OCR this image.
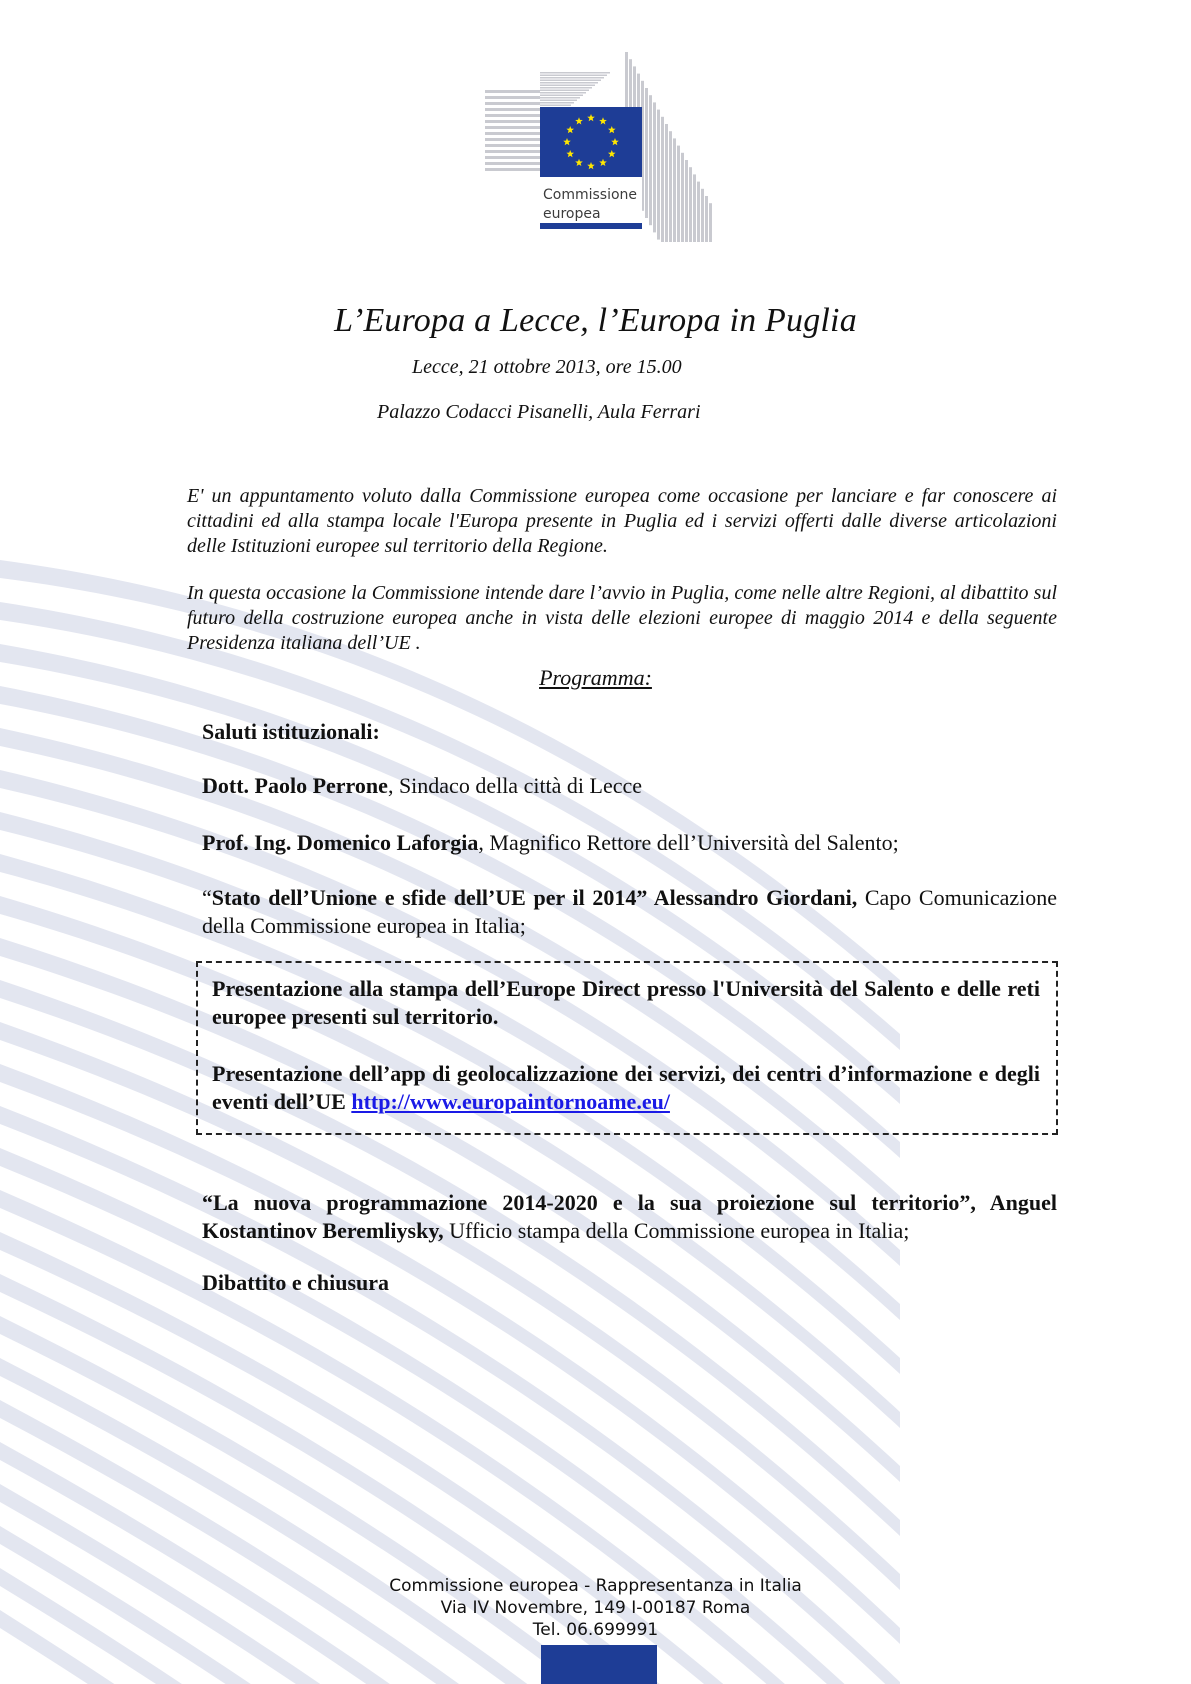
Commissione
europea
L’Europa a Lecce, l’Europa in Puglia

Lecce, 21 ottobre 2013, ore 15.00

Palazzo Codacci Pisanelli, Aula Ferrari

E' un appuntamento voluto dalla Commissione europea come occasione per lanciare e far conoscere ai cittadini ed alla stampa locale l'Europa presente in Puglia ed i servizi offerti dalle diverse articolazioni delle Istituzioni europee sul territorio della Regione.

In questa occasione la Commissione intende dare l’avvio in Puglia, come nelle altre Regioni, al dibattito sul futuro della costruzione europea anche in vista delle elezioni europee di maggio 2014 e della seguente Presidenza italiana dell’UE .

Programma:

Saluti istituzionali:

Dott. Paolo Perrone, Sindaco della città di Lecce

Prof. Ing. Domenico Laforgia, Magnifico Rettore dell’Università del Salento;

“Stato dell’Unione e sfide dell’UE per il 2014” Alessandro Giordani, Capo Comunicazione della Commissione europea in Italia;

Presentazione alla stampa dell’Europe Direct presso l'Università del Salento e delle reti europee presenti sul territorio.

Presentazione dell’app di geolocalizzazione dei servizi, dei centri d’informazione e degli eventi dell’UE http://www.europaintornoame.eu/

“La nuova programmazione 2014-2020 e la sua proiezione sul territorio”, Anguel Kostantinov Beremliysky, Ufficio stampa della Commissione europea in Italia;

Dibattito e chiusura

Commissione europea - Rappresentanza in Italia

Via IV Novembre, 149 I-00187 Roma

Tel. 06.699991
